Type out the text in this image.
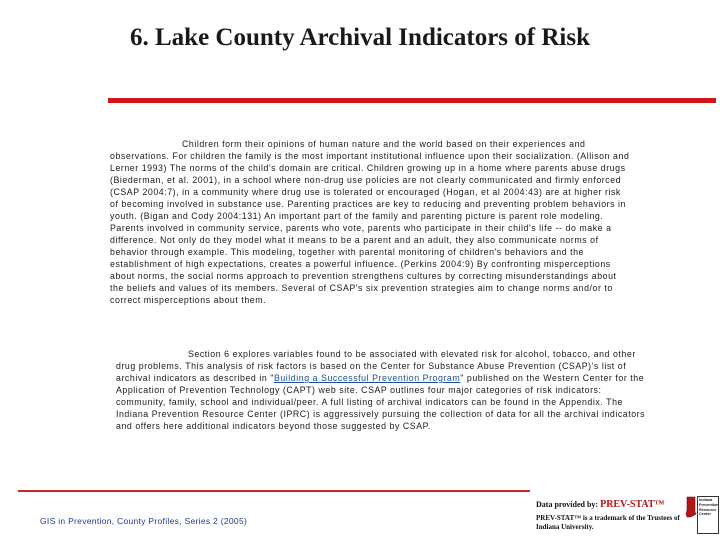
6. Lake County Archival Indicators of Risk
Children form their opinions of human nature and the world based on their experiences and observations. For children the family is the most important institutional influence upon their socialization. (Allison and Lerner 1993) The norms of the child's domain are critical. Children growing up in a home where parents abuse drugs (Biederman, et al. 2001), in a school where non-drug use policies are not clearly communicated and firmly enforced (CSAP 2004:7), in a community where drug use is tolerated or encouraged (Hogan, et al 2004:43) are at higher risk of becoming involved in substance use. Parenting practices are key to reducing and preventing problem behaviors in youth. (Bigan and Cody 2004:131) An important part of the family and parenting picture is parent role modeling. Parents involved in community service, parents who vote, parents who participate in their child's life -- do make a difference. Not only do they model what it means to be a parent and an adult, they also communicate norms of behavior through example. This modeling, together with parental monitoring of children's behaviors and the establishment of high expectations, creates a powerful influence. (Perkins 2004:9) By confronting misperceptions about norms, the social norms approach to prevention strengthens cultures by correcting misunderstandings about the beliefs and values of its members. Several of CSAP's six prevention strategies aim to change norms and/or to correct misperceptions about them.
Section 6 explores variables found to be associated with elevated risk for alcohol, tobacco, and other drug problems. This analysis of risk factors is based on the Center for Substance Abuse Prevention (CSAP)'s list of archival indicators as described in "Building a Successful Prevention Program" published on the Western Center for the Application of Prevention Technology (CAPT) web site. CSAP outlines four major categories of risk indicators: community, family, school and individual/peer. A full listing of archival indicators can be found in the Appendix. The Indiana Prevention Resource Center (IPRC) is aggressively pursuing the collection of data for all the archival indicators and offers here additional indicators beyond those suggested by CSAP.
GIS in Prevention, County Profiles, Series 2 (2005)
Data provided by: PREV-STAT™
PREV-STAT™ is a trademark of the Trustees of Indiana University.
Indiana Prevention Resource Center
